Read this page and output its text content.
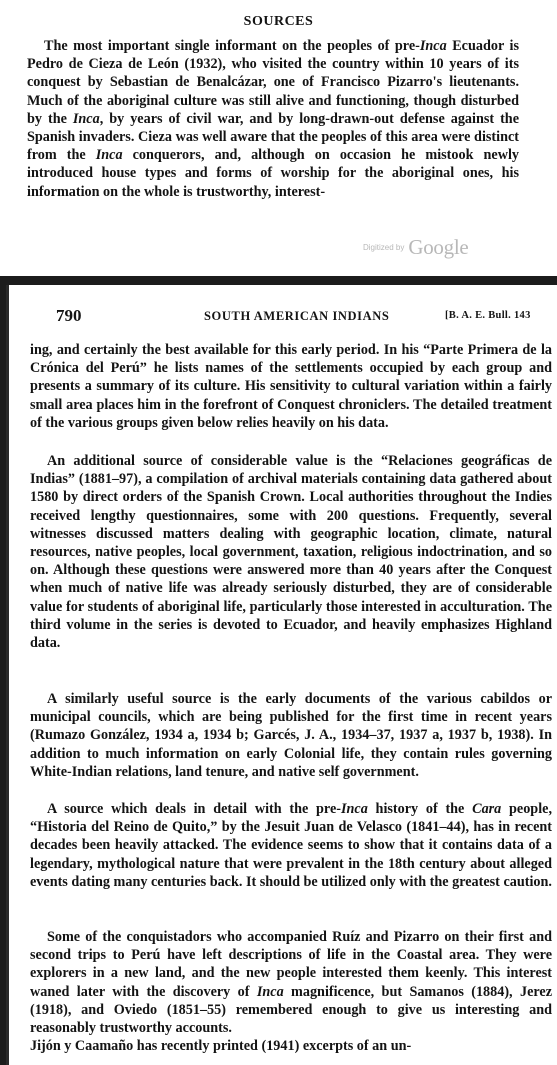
SOURCES

The most important single informant on the peoples of pre-Inca Ecuador is Pedro de Cieza de León (1932), who visited the country within 10 years of its conquest by Sebastian de Benalcázar, one of Francisco Pizarro's lieutenants. Much of the aboriginal culture was still alive and functioning, though disturbed by the Inca, by years of civil war, and by long-drawn-out defense against the Spanish invaders. Cieza was well aware that the peoples of this area were distinct from the Inca conquerors, and, although on occasion he mistook newly introduced house types and forms of worship for the aboriginal ones, his information on the whole is trustworthy, interest-

Digitized by Google
790	SOUTH AMERICAN INDIANS	[B. A. E. Bull. 143

ing, and certainly the best available for this early period. In his “Parte Primera de la Crónica del Perú” he lists names of the settlements occupied by each group and presents a summary of its culture. His sensitivity to cultural variation within a fairly small area places him in the forefront of Conquest chroniclers. The detailed treatment of the various groups given below relies heavily on his data.

An additional source of considerable value is the “Relaciones geográficas de Indias” (1881–97), a compilation of archival materials containing data gathered about 1580 by direct orders of the Spanish Crown. Local authorities throughout the Indies received lengthy questionnaires, some with 200 questions. Frequently, several witnesses discussed matters dealing with geographic location, climate, natural resources, native peoples, local government, taxation, religious indoctrination, and so on. Although these questions were answered more than 40 years after the Conquest when much of native life was already seriously disturbed, they are of considerable value for students of aboriginal life, particularly those interested in acculturation. The third volume in the series is devoted to Ecuador, and heavily emphasizes Highland data.

A similarly useful source is the early documents of the various cabildos or municipal councils, which are being published for the first time in recent years (Rumazo González, 1934 a, 1934 b; Garcés, J. A., 1934–37, 1937 a, 1937 b, 1938). In addition to much information on early Colonial life, they contain rules governing White-Indian relations, land tenure, and native self government.

A source which deals in detail with the pre-Inca history of the Cara people, “Historia del Reino de Quito,” by the Jesuit Juan de Velasco (1841–44), has in recent decades been heavily attacked. The evidence seems to show that it contains data of a legendary, mythological nature that were prevalent in the 18th century about alleged events dating many centuries back. It should be utilized only with the greatest caution.

Some of the conquistadors who accompanied Ruíz and Pizarro on their first and second trips to Perú have left descriptions of life in the Coastal area. They were explorers in a new land, and the new people interested them keenly. This interest waned later with the discovery of Inca magnificence, but Samanos (1884), Jerez (1918), and Oviedo (1851–55) remembered enough to give us interesting and reasonably trustworthy accounts.

Jijón y Caamaño has recently printed (1941) excerpts of an un-
